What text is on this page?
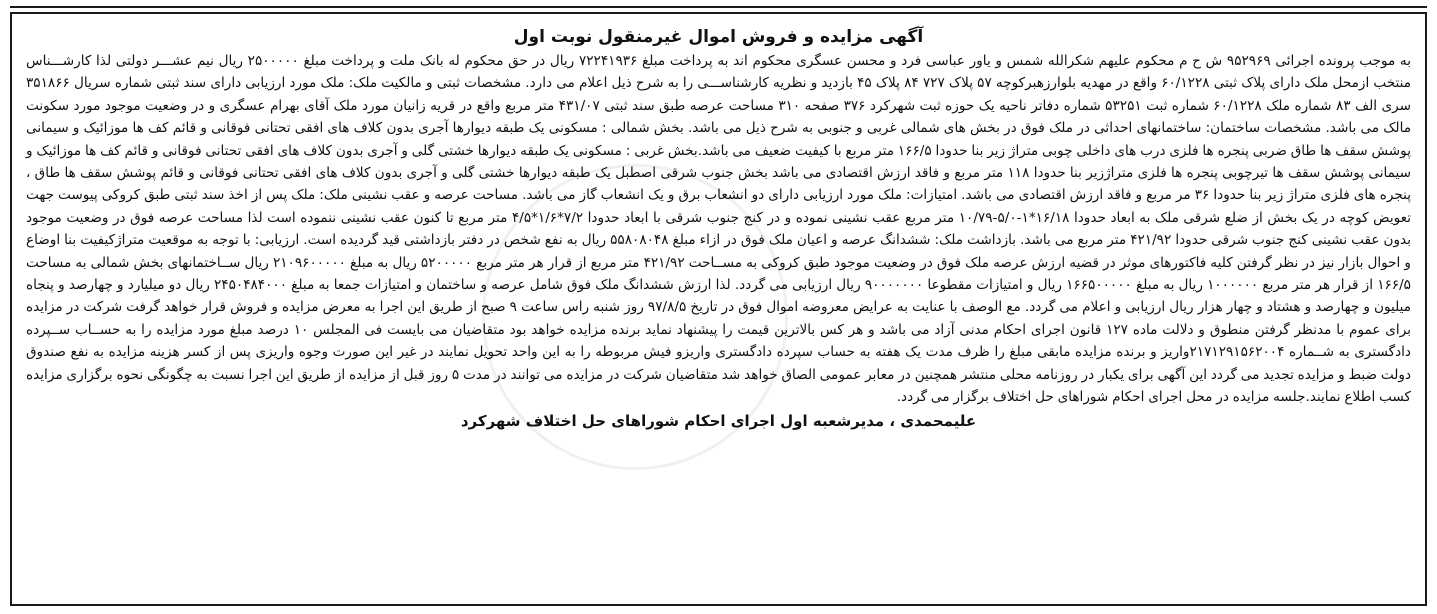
آگهی مزایده و فروش اموال غیرمنقول نوبت اول

به موجب پرونده اجرائی ۹۵۲۹۶۹ ش ح م محکوم علیهم شکرالله شمس و یاور عباسی فرد و محسن عسگری محکوم اند به پرداخت مبلغ ۷۲۲۴۱۹۳۶ ریال در حق محکوم له بانک ملت و پرداخت مبلغ ۲۵۰۰۰۰۰ ریال نیم عشـــر دولتی لذا کارشـــناس منتخب ازمحل ملک دارای پلاک ثبتی ۶۰/۱۲۲۸ واقع در مهدیه بلوارزهبرکوچه ۵۷ پلاک ۷۲۷ ۸۴ پلاک ۴۵ بازدید و نظریه کارشناســـی را به شرح ذیل اعلام می دارد. مشخصات ثبتی و مالکیت ملک: ملک مورد ارزیابی دارای سند ثبتی شماره سریال ۳۵۱۸۶۶ سری الف ۸۳ شماره ملک ۶۰/۱۲۲۸ شماره ثبت ۵۳۲۵۱ شماره دفاتر ناحیه یک حوزه ثبت شهرکرد ۳۷۶ صفحه ۳۱۰ مساحت عرصه طبق سند ثبتی ۴۳۱/۰۷ متر مربع واقع در قریه زانیان مورد ملک آقای بهرام عسگری و در وضعیت موجود مورد سکونت مالک می باشد. مشخصات ساختمان: ساختمانهای احداثی در ملک فوق در بخش های شمالی غربی و جنوبی به شرح ذیل می باشد. بخش شمالی : مسکونی یک طبقه دیوارها آجری بدون کلاف های افقی تحتانی فوقانی و قائم کف ها موزائیک و سیمانی پوشش سقف ها طاق ضربی پنجره ها فلزی درب های داخلی چوبی متراژ زیر بنا حدودا ۱۶۶/۵ متر مربع با کیفیت ضعیف می باشد.بخش غربی : مسکونی یک طبقه دیوارها خشتی گلی و آجری بدون کلاف های افقی تحتانی فوقانی و قائم کف ها موزائیک و سیمانی پوشش سقف ها تیرچوبی پنجره ها فلزی متراژزیر بنا حدودا ۱۱۸ متر مربع و فاقد ارزش اقتصادی می باشد بخش جنوب شرقی اصطبل یک طبقه دیوارها خشتی گلی و آجری بدون کلاف های افقی تحتانی فوقانی و قائم پوشش سقف ها طاق ، پنجره های فلزی متراژ زیر بنا حدودا ۳۶ مر مربع و فاقد ارزش اقتصادی می باشد. امتیازات: ملک مورد ارزیابی دارای دو انشعاب برق و یک انشعاب گاز می باشد. مساحت عرصه و عقب نشینی ملک: ملک پس از اخذ سند ثبتی طبق کروکی پیوست جهت تعویض کوچه در یک بخش از ضلع شرقی ملک به ابعاد حدودا ۱۶/۱۸*۱-۵/۰-۱۰/۷۹ متر مربع عقب نشینی نموده و در کنج جنوب شرقی با ابعاد حدودا ۷/۲*۱/۶*۴/۵ متر مربع تا کنون عقب نشینی ننموده است لذا مساحت عرصه فوق در وضعیت موجود بدون عقب نشینی کنج جنوب شرقی حدودا ۴۲۱/۹۲ متر مربع می باشد. بازداشت ملک: ششدانگ عرصه و اعیان ملک فوق در ازاء مبلغ ۵۵۸۰۸۰۴۸ ریال به نفع شخص در دفتر بازداشتی قید گردیده است. ارزیابی: با توجه به موقعیت متراژکیفیت بنا اوضاع و احوال بازار نیز در نظر گرفتن کلیه فاکتورهای موثر در قضیه ارزش عرصه ملک فوق در وضعیت موجود طبق کروکی به مســاحت ۴۲۱/۹۲ متر مربع از قرار هر متر مربع ۵۲۰۰۰۰۰ ریال به مبلغ ۲۱۰۹۶۰۰۰۰۰ ریال ســاختمانهای بخش شمالی به مساحت ۱۶۶/۵ از قرار هر متر مربع ۱۰۰۰۰۰۰ ریال به مبلغ ۱۶۶۵۰۰۰۰۰ ریال و امتیازات مقطوعا ۹۰۰۰۰۰۰۰ ریال ارزیابی می گردد. لذا ارزش ششدانگ ملک فوق شامل عرصه و ساختمان و امتیازات جمعا به مبلغ ۲۴۵۰۴۸۴۰۰۰ ریال دو میلیارد و چهارصد و پنجاه میلیون و چهارصد و هشتاد و چهار هزار ریال ارزیابی و اعلام می گردد. مع الوصف با عنایت به عرایض معروضه اموال فوق در تاریخ ۹۷/۸/۵ روز شنبه راس ساعت ۹ صبح از طریق این اجرا به معرض مزایده و فروش قرار خواهد گرفت شرکت در مزایده برای عموم با مدنظر گرفتن منطوق و دلالت ماده ۱۲۷ قانون اجرای احکام مدنی آزاد می باشد و هر کس بالاترین قیمت را پیشنهاد نماید برنده مزایده خواهد بود متقاضیان می بایست فی المجلس ۱۰ درصد مبلغ مورد مزایده را به حســاب ســپرده دادگستری به شــماره ۲۱۷۱۲۹۱۵۶۲۰۰۴واریز و برنده مزایده مابقی مبلغ را ظرف مدت یک هفته به حساب سپرده دادگستری واریزو فیش مربوطه را به این واحد تحویل نمایند در غیر این صورت وجوه واریزی پس از کسر هزینه مزایده به نفع صندوق دولت ضبط و مزایده تجدید می گردد این آگهی برای یکبار در روزنامه محلی منتشر همچنین در معابر عمومی الصاق خواهد شد متقاضیان شرکت در مزایده می توانند در مدت ۵ روز قبل از مزایده از طریق این اجرا نسبت به چگونگی نحوه برگزاری مزایده کسب اطلاع نمایند.جلسه مزایده در محل اجرای احکام شوراهای حل اختلاف برگزار می گردد.

علیمحمدی ، مدیرشعبه اول اجرای احکام شوراهای حل اختلاف شهرکرد
